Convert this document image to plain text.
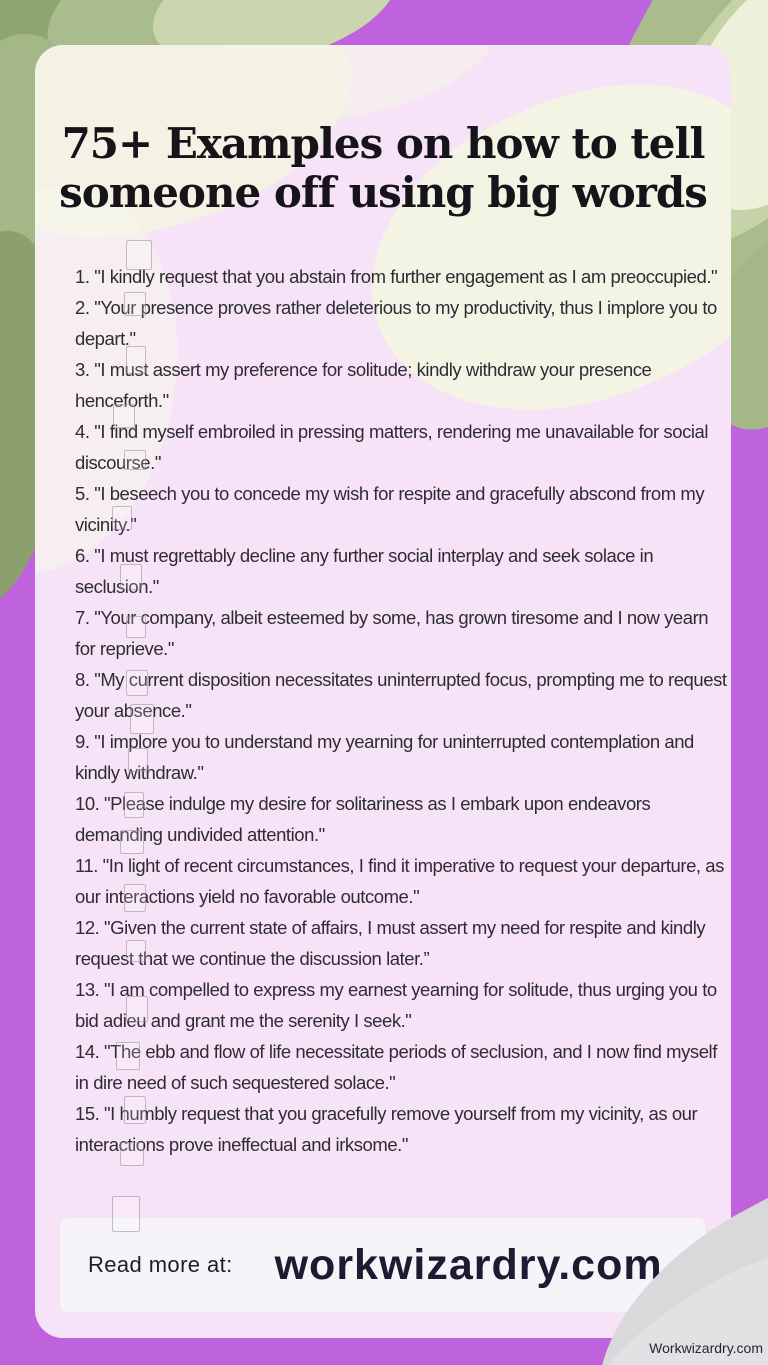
75+ Examples on how to tell
someone off using big words

1. "I kindly request that you abstain from further engagement as I am preoccupied."

2. "Your presence proves rather deleterious to my productivity, thus I implore you to depart."

3. "I must assert my preference for solitude; kindly withdraw your presence henceforth."

4. "I find myself embroiled in pressing matters, rendering me unavailable for social discourse."

5. "I beseech you to concede my wish for respite and gracefully abscond from my vicinity."

6. "I must regrettably decline any further social interplay and seek solace in seclusion."

7. "Your company, albeit esteemed by some, has grown tiresome and I now yearn for reprieve."

8. "My current disposition necessitates uninterrupted focus, prompting me to request your absence."

9. "I implore you to understand my yearning for uninterrupted contemplation and kindly withdraw."

10. "Please indulge my desire for solitariness as I embark upon endeavors demanding undivided attention."

11. "In light of recent circumstances, I find it imperative to request your departure, as our interactions yield no favorable outcome."

12. "Given the current state of affairs, I must assert my need for respite and kindly request that we continue the discussion later.”

13. "I am compelled to express my earnest yearning for solitude, thus urging you to bid adieu and grant me the serenity I seek."

14. "The ebb and flow of life necessitate periods of seclusion, and I now find myself in dire need of such sequestered solace."

15. "I humbly request that you gracefully remove yourself from my vicinity, as our interactions prove ineffectual and irksome."

Read more at: workwizardry.com
Workwizardry.com
